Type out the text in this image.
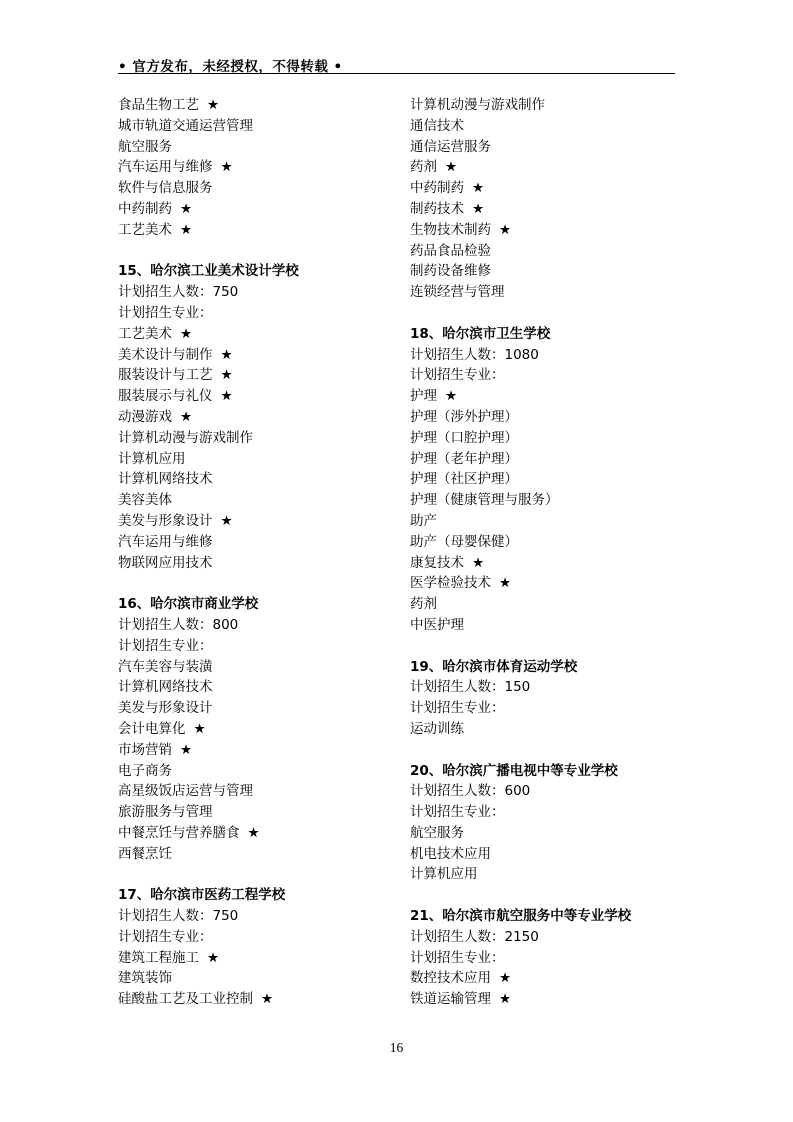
• 官方发布，未经授权，不得转载 •
食品生物工艺 ★
城市轨道交通运营管理
航空服务
汽车运用与维修 ★
软件与信息服务
中药制药 ★
工艺美术 ★
15、哈尔滨工业美术设计学校
计划招生人数：750
计划招生专业：
工艺美术 ★
美术设计与制作 ★
服装设计与工艺 ★
服装展示与礼仪 ★
动漫游戏 ★
计算机动漫与游戏制作
计算机应用
计算机网络技术
美容美体
美发与形象设计 ★
汽车运用与维修
物联网应用技术
16、哈尔滨市商业学校
计划招生人数：800
计划招生专业：
汽车美容与装潢
计算机网络技术
美发与形象设计
会计电算化 ★
市场营销 ★
电子商务
高星级饭店运营与管理
旅游服务与管理
中餐烹饪与营养膳食 ★
西餐烹饪
17、哈尔滨市医药工程学校
计划招生人数：750
计划招生专业：
建筑工程施工 ★
建筑装饰
硅酸盐工艺及工业控制 ★
计算机动漫与游戏制作
通信技术
通信运营服务
药剂 ★
中药制药 ★
制药技术 ★
生物技术制药 ★
药品食品检验
制药设备维修
连锁经营与管理
18、哈尔滨市卫生学校
计划招生人数：1080
计划招生专业：
护理 ★
护理（涉外护理）
护理（口腔护理）
护理（老年护理）
护理（社区护理）
护理（健康管理与服务）
助产
助产（母婴保健）
康复技术 ★
医学检验技术 ★
药剂
中医护理
19、哈尔滨市体育运动学校
计划招生人数：150
计划招生专业：
运动训练
20、哈尔滨广播电视中等专业学校
计划招生人数：600
计划招生专业：
航空服务
机电技术应用
计算机应用
21、哈尔滨市航空服务中等专业学校
计划招生人数：2150
计划招生专业：
数控技术应用 ★
铁道运输管理 ★
16
